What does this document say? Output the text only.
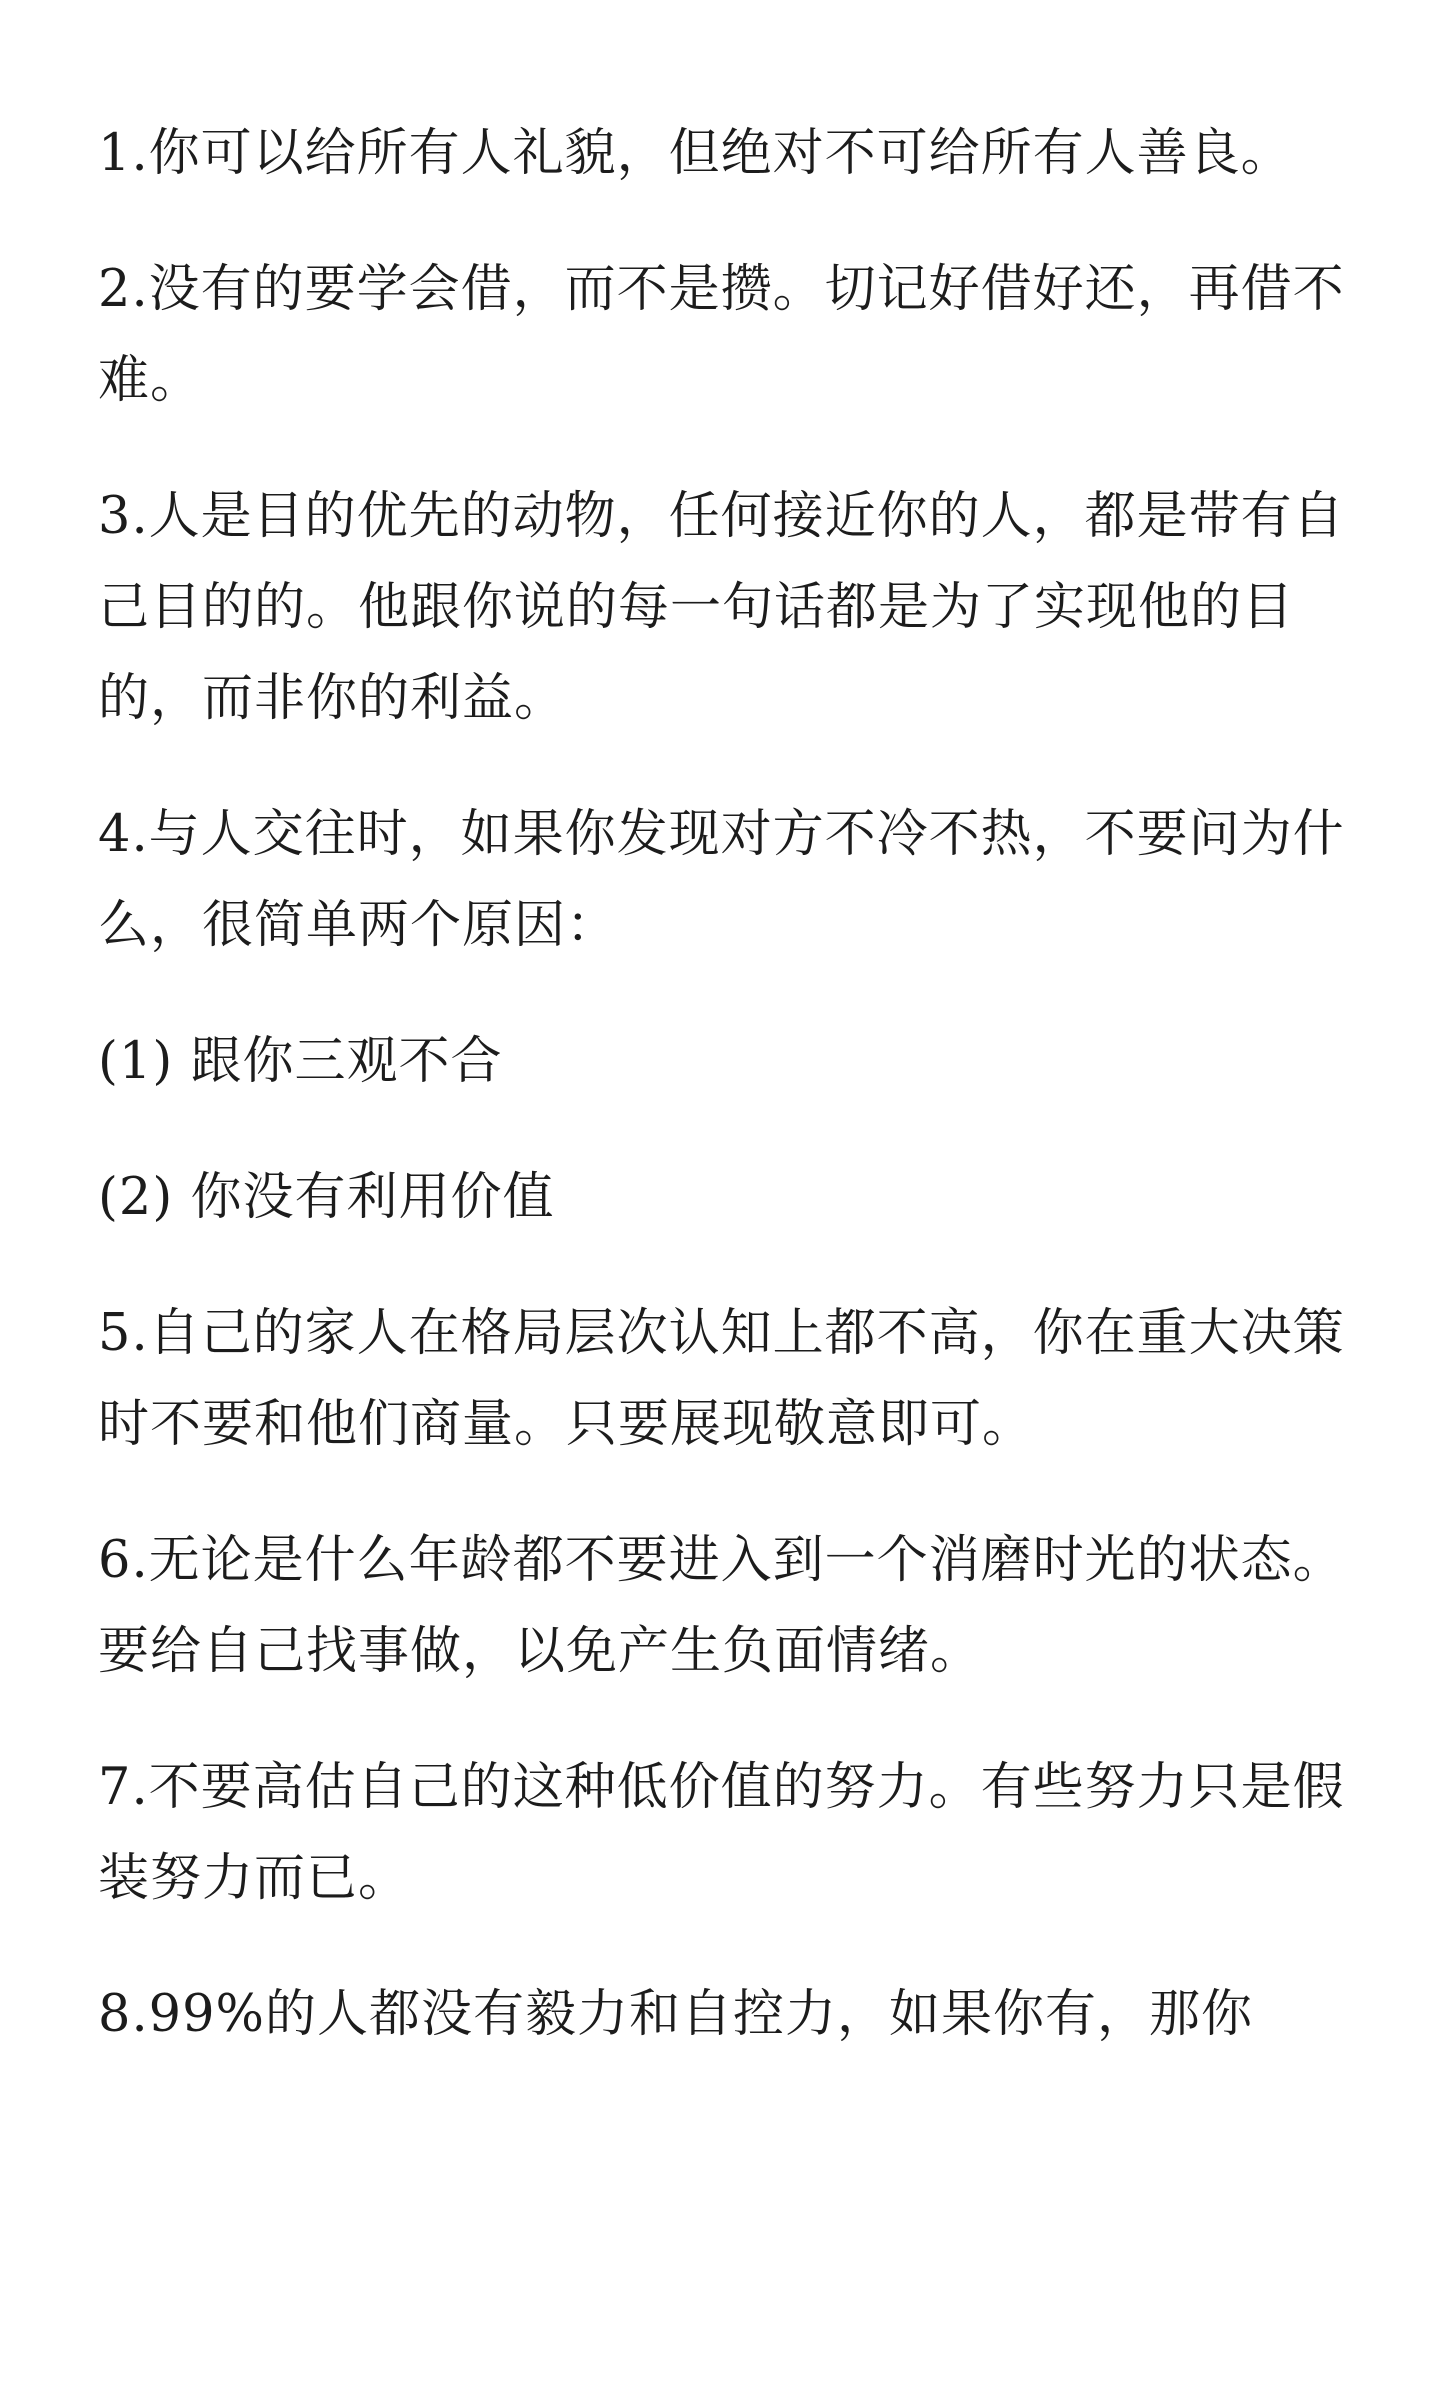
1.你可以给所有人礼貌，但绝对不可给所有人善良。

2.没有的要学会借，而不是攒。切记好借好还，再借不难。

3.人是目的优先的动物，任何接近你的人，都是带有自己目的的。他跟你说的每一句话都是为了实现他的目的，而非你的利益。

4.与人交往时，如果你发现对方不冷不热，不要问为什么，很简单两个原因：

(1) 跟你三观不合

(2) 你没有利用价值

5.自己的家人在格局层次认知上都不高，你在重大决策时不要和他们商量。只要展现敬意即可。

6.无论是什么年龄都不要进入到一个消磨时光的状态。要给自己找事做，以免产生负面情绪。

7.不要高估自己的这种低价值的努力。有些努力只是假装努力而已。

8.99%的人都没有毅力和自控力，如果你有，那你
